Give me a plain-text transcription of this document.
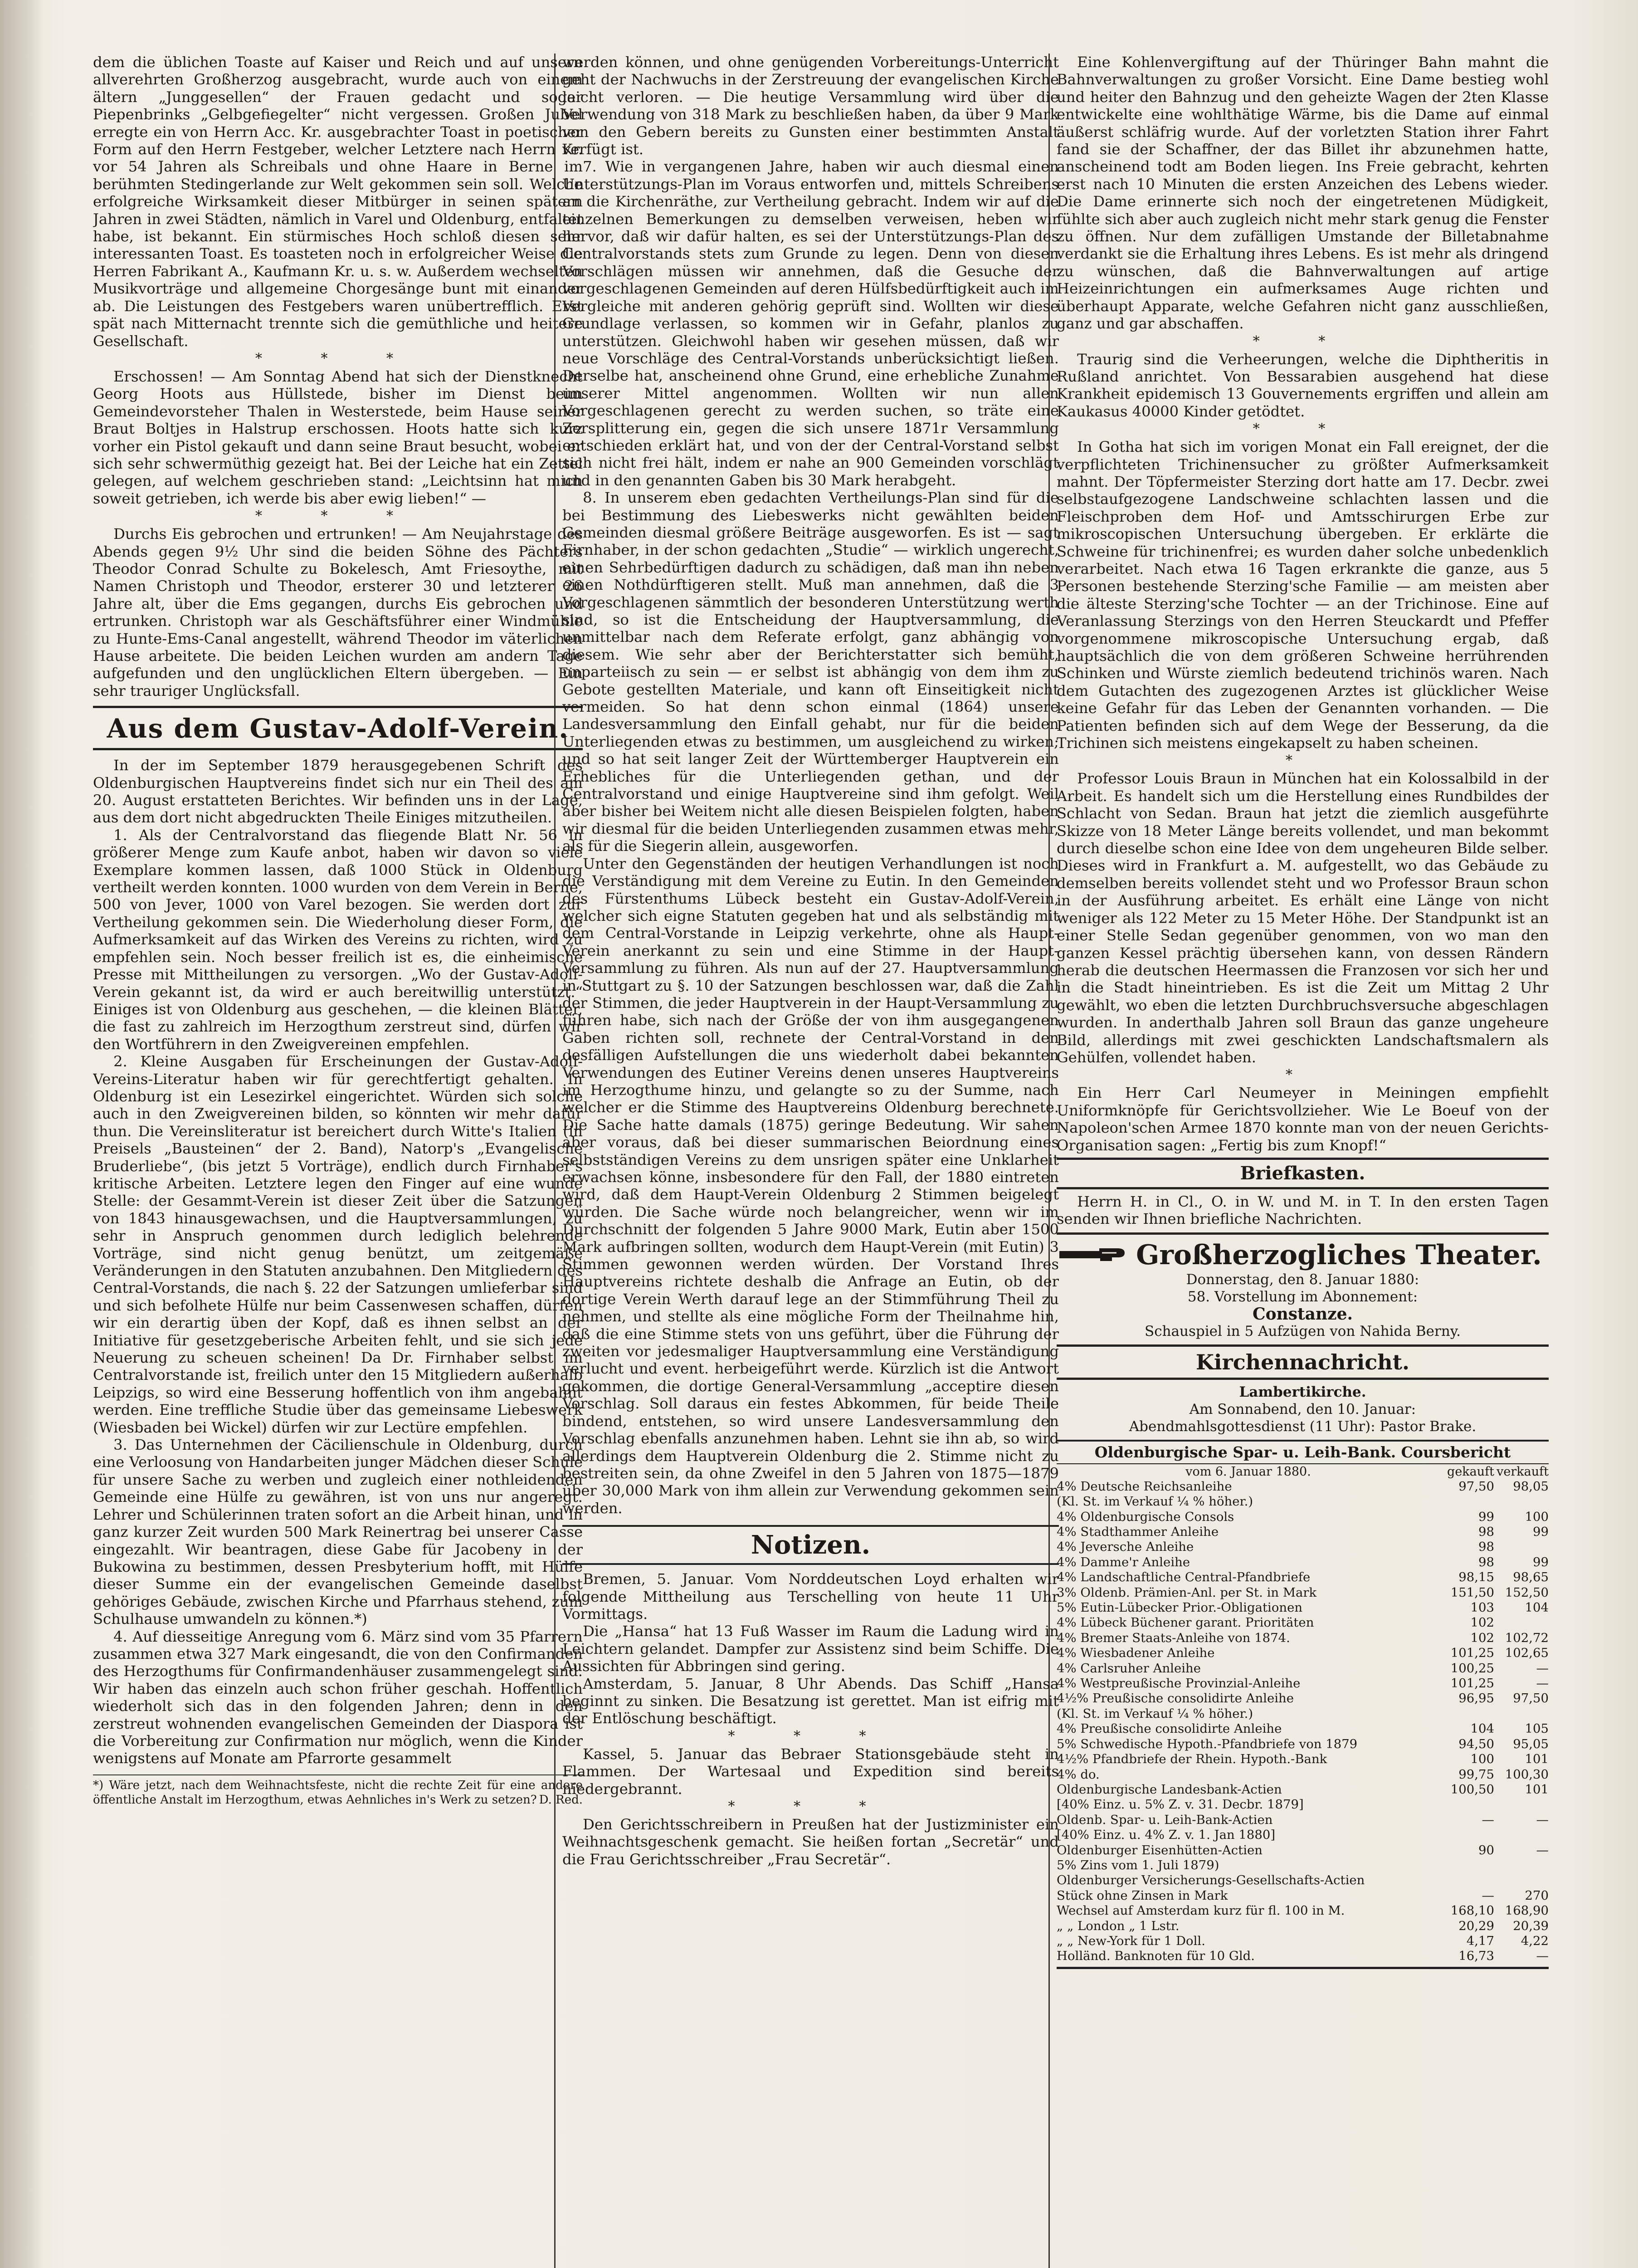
dem die üblichen Toaste auf Kaiser und Reich und auf unsern allverehrten Großherzog ausgebracht, wurde auch von einem ältern „Junggesellen“ der Frauen gedacht und sogar Piepenbrinks „Gelbgefiegelter“ nicht vergessen. Großen Jubel erregte ein von Herrn Acc. Kr. ausgebrachter Toast in poetischer Form auf den Herrn Festgeber, welcher Letztere nach Herrn Kr. vor 54 Jahren als Schreibals und ohne Haare in Berne im berühmten Stedingerlande zur Welt gekommen sein soll. Welche erfolgreiche Wirksamkeit dieser Mitbürger in seinen spätern Jahren in zwei Städten, nämlich in Varel und Oldenburg, entfaltet habe, ist bekannt. Ein stürmisches Hoch schloß diesen sehr interessanten Toast. Es toasteten noch in erfolgreicher Weise die Herren Fabrikant A., Kaufmann Kr. u. s. w. Außerdem wechselten Musikvorträge und allgemeine Chorgesänge bunt mit einander ab. Die Leistungen des Festgebers waren unübertrefflich. Erst spät nach Mitternacht trennte sich die gemüthliche und heitere Gesellschaft.

* * *

Erschossen! — Am Sonntag Abend hat sich der Dienstknecht Georg Hoots aus Hüllstede, bisher im Dienst beim Gemeindevorsteher Thalen in Westerstede, beim Hause seiner Braut Boltjes in Halstrup erschossen. Hoots hatte sich kurz vorher ein Pistol gekauft und dann seine Braut besucht, wobei er sich sehr schwermüthig gezeigt hat. Bei der Leiche hat ein Zettel gelegen, auf welchem geschrieben stand: „Leichtsinn hat mich soweit getrieben, ich werde bis aber ewig lieben!“ —

* * *

Durchs Eis gebrochen und ertrunken! — Am Neujahrstage des Abends gegen 9½ Uhr sind die beiden Söhne des Pächters Theodor Conrad Schulte zu Bokelesch, Amt Friesoythe, mit Namen Christoph und Theodor, ersterer 30 und letzterer 26 Jahre alt, über die Ems gegangen, durchs Eis gebrochen und ertrunken. Christoph war als Geschäftsführer einer Windmühle zu Hunte-Ems-Canal angestellt, während Theodor im väterlichen Hause arbeitete. Die beiden Leichen wurden am andern Tage aufgefunden und den unglücklichen Eltern übergeben. — Ein sehr trauriger Unglücksfall.

Aus dem Gustav-Adolf-Verein.

In der im September 1879 herausgegebenen Schrift des Oldenburgischen Hauptvereins findet sich nur ein Theil des am 20. August erstatteten Berichtes. Wir befinden uns in der Lage, aus dem dort nicht abgedruckten Theile Einiges mitzutheilen.

1. Als der Centralvorstand das fliegende Blatt Nr. 56 in größerer Menge zum Kaufe anbot, haben wir davon so viele Exemplare kommen lassen, daß 1000 Stück in Oldenburg vertheilt werden konnten. 1000 wurden von dem Verein in Berne, 500 von Jever, 1000 von Varel bezogen. Sie werden dort zur Vertheilung gekommen sein. Die Wiederholung dieser Form, die Aufmerksamkeit auf das Wirken des Vereins zu richten, wird zu empfehlen sein. Noch besser freilich ist es, die einheimische Presse mit Mittheilungen zu versorgen. „Wo der Gustav-Adolf-Verein gekannt ist, da wird er auch bereitwillig unterstützt.“ Einiges ist von Oldenburg aus geschehen, — die kleinen Blätter, die fast zu zahlreich im Herzogthum zerstreut sind, dürfen wir den Wortführern in den Zweigvereinen empfehlen.

2. Kleine Ausgaben für Erscheinungen der Gustav-Adolf-Vereins-Literatur haben wir für gerechtfertigt gehalten. In Oldenburg ist ein Lesezirkel eingerichtet. Würden sich solche auch in den Zweigvereinen bilden, so könnten wir mehr dafür thun. Die Vereinsliteratur ist bereichert durch Witte's Italien (in Preisels „Bausteinen“ der 2. Band), Natorp's „Evangelische Bruderliebe“, (bis jetzt 5 Vorträge), endlich durch Firnhaber's kritische Arbeiten. Letztere legen den Finger auf eine wunde Stelle: der Gesammt-Verein ist dieser Zeit über die Satzungen von 1843 hinausgewachsen, und die Hauptversammlungen, zu sehr in Anspruch genommen durch lediglich belehrende Vorträge, sind nicht genug benützt, um zeitgemäße Veränderungen in den Statuten anzubahnen. Den Mitgliedern des Central-Vorstands, die nach §. 22 der Satzungen umlieferbar sind und sich befolhete Hülfe nur beim Cassenwesen schaffen, dürfen wir ein derartig üben der Kopf, daß es ihnen selbst an der Initiative für gesetzgeberische Arbeiten fehlt, und sie sich jede Neuerung zu scheuen scheinen! Da Dr. Firnhaber selbst im Centralvorstande ist, freilich unter den 15 Mitgliedern außerhalb Leipzigs, so wird eine Besserung hoffentlich von ihm angebahnt werden. Eine treffliche Studie über das gemeinsame Liebeswerk (Wiesbaden bei Wickel) dürfen wir zur Lectüre empfehlen.

3. Das Unternehmen der Cäcilienschule in Oldenburg, durch eine Verloosung von Handarbeiten junger Mädchen dieser Schule für unsere Sache zu werben und zugleich einer nothleidenden Gemeinde eine Hülfe zu gewähren, ist von uns nur angeregt. Lehrer und Schülerinnen traten sofort an die Arbeit hinan, und in ganz kurzer Zeit wurden 500 Mark Reinertrag bei unserer Casse eingezahlt. Wir beantragen, diese Gabe für Jacobeny in der Bukowina zu bestimmen, dessen Presbyterium hofft, mit Hülfe dieser Summe ein der evangelischen Gemeinde daselbst gehöriges Gebäude, zwischen Kirche und Pfarrhaus stehend, zum Schulhause umwandeln zu können.*)

4. Auf diesseitige Anregung vom 6. März sind vom 35 Pfarrern zusammen etwa 327 Mark eingesandt, die von den Confirmanden des Herzogthums für Confirmandenhäuser zusammengelegt sind. Wir haben das einzeln auch schon früher geschah. Hoffentlich wiederholt sich das in den folgenden Jahren; denn in den zerstreut wohnenden evangelischen Gemeinden der Diaspora ist die Vorbereitung zur Confirmation nur möglich, wenn die Kinder wenigstens auf Monate am Pfarrorte gesammelt

*) Wäre jetzt, nach dem Weihnachtsfeste, nicht die rechte Zeit für eine andere öffentliche Anstalt im Herzogthum, etwas Aehnliches in's Werk zu setzen? D. Red.

werden können, und ohne genügenden Vorbereitungs-Unterricht geht der Nachwuchs in der Zerstreuung der evangelischen Kirche leicht verloren. — Die heutige Versammlung wird über die Verwendung von 318 Mark zu beschließen haben, da über 9 Mark von den Gebern bereits zu Gunsten einer bestimmten Anstalt verfügt ist.

7. Wie in vergangenen Jahre, haben wir auch diesmal einen Unterstützungs-Plan im Voraus entworfen und, mittels Schreibens an die Kirchenräthe, zur Vertheilung gebracht. Indem wir auf die einzelnen Bemerkungen zu demselben verweisen, heben wir hervor, daß wir dafür halten, es sei der Unterstützungs-Plan des Centralvorstands stets zum Grunde zu legen. Denn von diesen Vorschlägen müssen wir annehmen, daß die Gesuche der vorgeschlagenen Gemeinden auf deren Hülfsbedürftigkeit auch im Vergleiche mit anderen gehörig geprüft sind. Wollten wir diese Grundlage verlassen, so kommen wir in Gefahr, planlos zu unterstützen. Gleichwohl haben wir gesehen müssen, daß wir neue Vorschläge des Central-Vorstands unberücksichtigt ließen. Derselbe hat, anscheinend ohne Grund, eine erhebliche Zunahme unserer Mittel angenommen. Wollten wir nun allen Vorgeschlagenen gerecht zu werden suchen, so träte eine Zersplitterung ein, gegen die sich unsere 1871r Versammlung entschieden erklärt hat, und von der der Central-Vorstand selbst sich nicht frei hält, indem er nahe an 900 Gemeinden vorschlägt und in den genannten Gaben bis 30 Mark herabgeht.

8. In unserem eben gedachten Vertheilungs-Plan sind für die bei Bestimmung des Liebeswerks nicht gewählten beiden Gemeinden diesmal größere Beiträge ausgeworfen. Es ist — sagt Firnhaber, in der schon gedachten „Studie“ — wirklich ungerecht, einen Sehrbedürftigen dadurch zu schädigen, daß man ihn neben einen Nothdürftigeren stellt. Muß man annehmen, daß die 3 Vorgeschlagenen sämmtlich der besonderen Unterstützung werth sind, so ist die Entscheidung der Hauptversammlung, die unmittelbar nach dem Referate erfolgt, ganz abhängig von diesem. Wie sehr aber der Berichterstatter sich bemüht, unparteiisch zu sein — er selbst ist abhängig von dem ihm zu Gebote gestellten Materiale, und kann oft Einseitigkeit nicht vermeiden. So hat denn schon einmal (1864) unsere Landesversammlung den Einfall gehabt, nur für die beiden Unterliegenden etwas zu bestimmen, um ausgleichend zu wirken; und so hat seit langer Zeit der Württemberger Hauptverein ein Erhebliches für die Unterliegenden gethan, und der Centralvorstand und einige Hauptvereine sind ihm gefolgt. Weil aber bisher bei Weitem nicht alle diesen Beispielen folgten, haben wir diesmal für die beiden Unterliegenden zusammen etwas mehr, als für die Siegerin allein, ausgeworfen.

Unter den Gegenständen der heutigen Verhandlungen ist noch die Verständigung mit dem Vereine zu Eutin. In den Gemeinden des Fürstenthums Lübeck besteht ein Gustav-Adolf-Verein, welcher sich eigne Statuten gegeben hat und als selbständig mit dem Central-Vorstande in Leipzig verkehrte, ohne als Haupt-Verein anerkannt zu sein und eine Stimme in der Haupt-Versammlung zu führen. Als nun auf der 27. Hauptversammlung in Stuttgart zu §. 10 der Satzungen beschlossen war, daß die Zahl der Stimmen, die jeder Hauptverein in der Haupt-Versammlung zu führen habe, sich nach der Größe der von ihm ausgegangenen Gaben richten soll, rechnete der Central-Vorstand in den desfälligen Aufstellungen die uns wiederholt dabei bekannten Verwendungen des Eutiner Vereins denen unseres Hauptvereins im Herzogthume hinzu, und gelangte so zu der Summe, nach welcher er die Stimme des Hauptvereins Oldenburg berechnete. Die Sache hatte damals (1875) geringe Bedeutung. Wir sahen aber voraus, daß bei dieser summarischen Beiordnung eines selbstständigen Vereins zu dem unsrigen später eine Unklarheit erwachsen könne, insbesondere für den Fall, der 1880 eintreten wird, daß dem Haupt-Verein Oldenburg 2 Stimmen beigelegt würden. Die Sache würde noch belangreicher, wenn wir im Durchschnitt der folgenden 5 Jahre 9000 Mark, Eutin aber 1500 Mark aufbringen sollten, wodurch dem Haupt-Verein (mit Eutin) 3 Stimmen gewonnen werden würden. Der Vorstand Ihres Hauptvereins richtete deshalb die Anfrage an Eutin, ob der dortige Verein Werth darauf lege an der Stimmführung Theil zu nehmen, und stellte als eine mögliche Form der Theilnahme hin, daß die eine Stimme stets von uns geführt, über die Führung der zweiten vor jedesmaliger Hauptversammlung eine Verständigung verlucht und event. herbeigeführt werde. Kürzlich ist die Antwort gekommen, die dortige General-Versammlung „acceptire diesen Vorschlag. Soll daraus ein festes Abkommen, für beide Theile bindend, entstehen, so wird unsere Landesversammlung den Vorschlag ebenfalls anzunehmen haben. Lehnt sie ihn ab, so wird allerdings dem Hauptverein Oldenburg die 2. Stimme nicht zu bestreiten sein, da ohne Zweifel in den 5 Jahren von 1875—1879 über 30,000 Mark von ihm allein zur Verwendung gekommen sein werden.

Notizen.

Bremen, 5. Januar. Vom Norddeutschen Loyd erhalten wir folgende Mittheilung aus Terschelling von heute 11 Uhr Vormittags.

Die „Hansa“ hat 13 Fuß Wasser im Raum die Ladung wird in Leichtern gelandet. Dampfer zur Assistenz sind beim Schiffe. Die Aussichten für Abbringen sind gering.

Amsterdam, 5. Januar, 8 Uhr Abends. Das Schiff „Hansa beginnt zu sinken. Die Besatzung ist gerettet. Man ist eifrig mit der Entlöschung beschäftigt.

* * *

Kassel, 5. Januar das Bebraer Stationsgebäude steht in Flammen. Der Wartesaal und Expedition sind bereits niedergebrannt.

* * *

Den Gerichtsschreibern in Preußen hat der Justizminister ein Weihnachtsgeschenk gemacht. Sie heißen fortan „Secretär“ und die Frau Gerichtsschreiber „Frau Secretär“.

Eine Kohlenvergiftung auf der Thüringer Bahn mahnt die Bahnverwaltungen zu großer Vorsicht. Eine Dame bestieg wohl und heiter den Bahnzug und den geheizte Wagen der 2ten Klasse entwickelte eine wohlthätige Wärme, bis die Dame auf einmal äußerst schläfrig wurde. Auf der vorletzten Station ihrer Fahrt fand sie der Schaffner, der das Billet ihr abzunehmen hatte, anscheinend todt am Boden liegen. Ins Freie gebracht, kehrten erst nach 10 Minuten die ersten Anzeichen des Lebens wieder. Die Dame erinnerte sich noch der eingetretenen Müdigkeit, fühlte sich aber auch zugleich nicht mehr stark genug die Fenster zu öffnen. Nur dem zufälligen Umstande der Billetabnahme verdankt sie die Erhaltung ihres Lebens. Es ist mehr als dringend zu wünschen, daß die Bahnverwaltungen auf artige Heizeinrichtungen ein aufmerksames Auge richten und überhaupt Apparate, welche Gefahren nicht ganz ausschließen, ganz und gar abschaffen.

* *

Traurig sind die Verheerungen, welche die Diphtheritis in Rußland anrichtet. Von Bessarabien ausgehend hat diese Krankheit epidemisch 13 Gouvernements ergriffen und allein am Kaukasus 40000 Kinder getödtet.

* *

In Gotha hat sich im vorigen Monat ein Fall ereignet, der die verpflichteten Trichinensucher zu größter Aufmerksamkeit mahnt. Der Töpfermeister Sterzing dort hatte am 17. Decbr. zwei selbstaufgezogene Landschweine schlachten lassen und die Fleischproben dem Hof- und Amtsschirurgen Erbe zur mikroscopischen Untersuchung übergeben. Er erklärte die Schweine für trichinenfrei; es wurden daher solche unbedenklich verarbeitet. Nach etwa 16 Tagen erkrankte die ganze, aus 5 Personen bestehende Sterzing'sche Familie — am meisten aber die älteste Sterzing'sche Tochter — an der Trichinose. Eine auf Veranlassung Sterzings von den Herren Steuckardt und Pfeffer vorgenommene mikroscopische Untersuchung ergab, daß hauptsächlich die von dem größeren Schweine herrührenden Schinken und Würste ziemlich bedeutend trichinös waren. Nach dem Gutachten des zugezogenen Arztes ist glücklicher Weise keine Gefahr für das Leben der Genannten vorhanden. — Die Patienten befinden sich auf dem Wege der Besserung, da die Trichinen sich meistens eingekapselt zu haben scheinen.

*

Professor Louis Braun in München hat ein Kolossalbild in der Arbeit. Es handelt sich um die Herstellung eines Rundbildes der Schlacht von Sedan. Braun hat jetzt die ziemlich ausgeführte Skizze von 18 Meter Länge bereits vollendet, und man bekommt durch dieselbe schon eine Idee von dem ungeheuren Bilde selber. Dieses wird in Frankfurt a. M. aufgestellt, wo das Gebäude zu demselben bereits vollendet steht und wo Professor Braun schon in der Ausführung arbeitet. Es erhält eine Länge von nicht weniger als 122 Meter zu 15 Meter Höhe. Der Standpunkt ist an einer Stelle Sedan gegenüber genommen, von wo man den ganzen Kessel prächtig übersehen kann, von dessen Rändern herab die deutschen Heermassen die Franzosen vor sich her und in die Stadt hineintrieben. Es ist die Zeit um Mittag 2 Uhr gewählt, wo eben die letzten Durchbruchsversuche abgeschlagen wurden. In anderthalb Jahren soll Braun das ganze ungeheure Bild, allerdings mit zwei geschickten Landschaftsmalern als Gehülfen, vollendet haben.

*

Ein Herr Carl Neumeyer in Meiningen empfiehlt Uniformknöpfe für Gerichtsvollzieher. Wie Le Boeuf von der Napoleon'schen Armee 1870 konnte man von der neuen Gerichts-Organisation sagen: „Fertig bis zum Knopf!“

Briefkasten.

Herrn H. in Cl., O. in W. und M. in T. In den ersten Tagen senden wir Ihnen briefliche Nachrichten.

Großherzogliches Theater.
Donnerstag, den 8. Januar 1880:
58. Vorstellung im Abonnement:
Constanze.
Schauspiel in 5 Aufzügen von Nahida Berny.
Kirchennachricht.
Lambertikirche.
Am Sonnabend, den 10. Januar:
Abendmahlsgottesdienst (11 Uhr): Pastor Brake.
Oldenburgische Spar- u. Leih-Bank. Coursbericht
vom 6. Januar 1880.	gekauft verkauft
4% Deutsche Reichsanleihe	97,50	98,05
(Kl. St. im Verkauf ¼ % höher.)
4% Oldenburgische Consols	99	100
4% Stadthammer Anleihe	98	99
4% Jeversche Anleihe	98
4% Damme'r Anleihe	98	99
4% Landschaftliche Central-Pfandbriefe	98,15	98,65
3% Oldenb. Prämien-Anl. per St. in Mark	151,50 152,50
5% Eutin-Lübecker Prior.-Obligationen	103	104
4% Lübeck Büchener garant. Prioritäten	102
4% Bremer Staats-Anleihe von 1874.	102 102,72
4% Wiesbadener Anleihe	101,25 102,65
4% Carlsruher Anleihe	100,25	—
4% Westpreußische Provinzial-Anleihe	101,25	—
4½% Preußische consolidirte Anleihe	96,95	97,50
(Kl. St. im Verkauf ¼ % höher.)
4% Preußische consolidirte Anleihe	104	105
5% Schwedische Hypoth.-Pfandbriefe von 1879	94,50	95,05
4½% Pfandbriefe der Rhein. Hypoth.-Bank	100	101
4% do.	99,75 100,30
Oldenburgische Landesbank-Actien	100,50	101
[40% Einz. u. 5% Z. v. 31. Decbr. 1879]
Oldenb. Spar- u. Leih-Bank-Actien	—	—
[40% Einz. u. 4% Z. v. 1. Jan 1880]
Oldenburger Eisenhütten-Actien	90	—
5% Zins vom 1. Juli 1879)
Oldenburger Versicherungs-Gesellschafts-Actien
Stück ohne Zinsen in Mark	—	270
Wechsel auf Amsterdam kurz für fl. 100 in M.	168,10 168,90
„ „ London „ 1 Lstr.	20,29	20,39
„ „ New-York für 1 Doll.	4,17	4,22
Holländ. Banknoten für 10 Gld.	16,73	—
